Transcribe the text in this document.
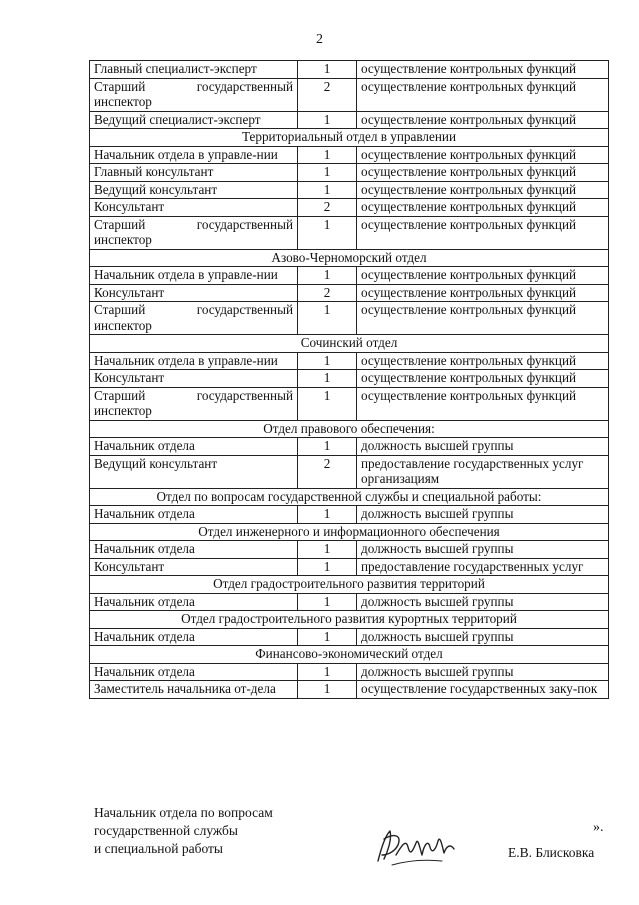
2
Главный специалист-эксперт	1	осуществление контрольных функций
Старший государственный инспектор	2	осуществление контрольных функций
Ведущий специалист-эксперт	1	осуществление контрольных функций
Территориальный отдел в управлении		
Начальник отдела в управле-нии	1	осуществление контрольных функций
Главный консультант	1	осуществление контрольных функций
Ведущий консультант	1	осуществление контрольных функций
Консультант	2	осуществление контрольных функций
Старший государственный инспектор	1	осуществление контрольных функций
Азово-Черноморский отдел		
Начальник отдела в управле-нии	1	осуществление контрольных функций
Консультант	2	осуществление контрольных функций
Старший государственный инспектор	1	осуществление контрольных функций
Сочинский отдел		
Начальник отдела в управле-нии	1	осуществление контрольных функций
Консультант	1	осуществление контрольных функций
Старший государственный инспектор	1	осуществление контрольных функций
Отдел правового обеспечения:		
Начальник отдела	1	должность высшей группы
Ведущий консультант	2	предоставление государственных услуг организациям
Отдел по вопросам государственной службы и специальной работы:		
Начальник отдела	1	должность высшей группы
Отдел инженерного и информационного обеспечения		
Начальник отдела	1	должность высшей группы
Консультант	1	предоставление государственных услуг
Отдел градостроительного развития территорий		
Начальник отдела	1	должность высшей группы
Отдел градостроительного развития курортных территорий		
Начальник отдела	1	должность высшей группы
Финансово-экономический отдел		
Начальник отдела	1	должность высшей группы
Заместитель начальника от-дела	1	осуществление государственных заку-пок
».
Начальник отдела по вопросам
государственной службы
и специальной работы	Е.В. Блисковка
